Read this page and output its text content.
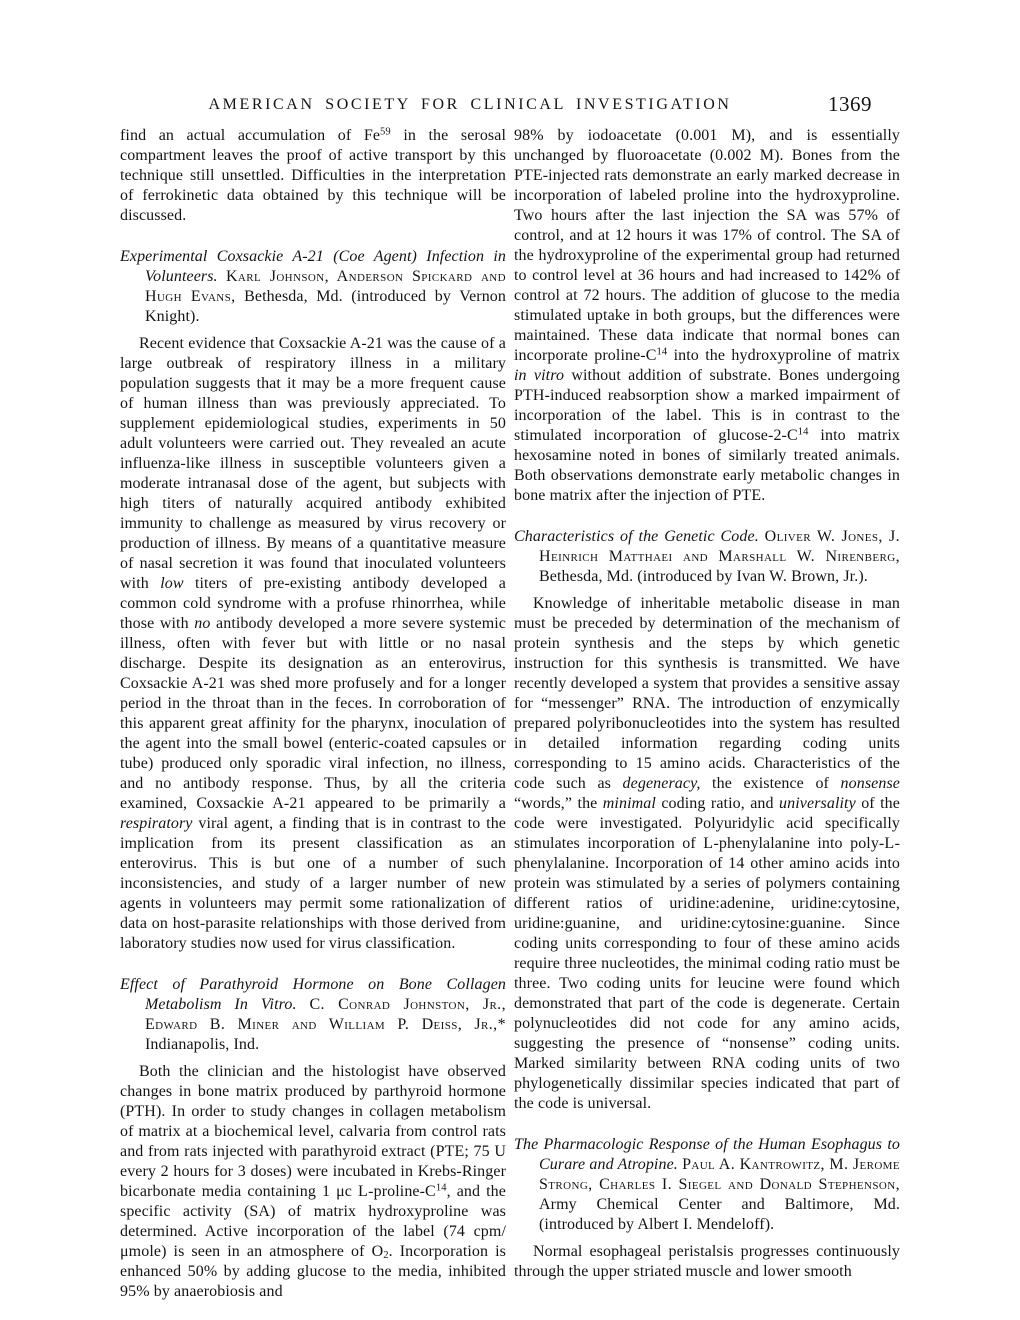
AMERICAN SOCIETY FOR CLINICAL INVESTIGATION	1369

find an actual accumulation of Fe$^{59}$ in the serosal compartment leaves the proof of active transport by this technique still unsettled. Difficulties in the interpretation of ferrokinetic data obtained by this technique will be discussed.

Experimental Coxsackie A-21 (Coe Agent) Infection in Volunteers. Karl Johnson, Anderson Spickard and Hugh Evans, Bethesda, Md. (introduced by Vernon Knight).

Recent evidence that Coxsackie A-21 was the cause of a large outbreak of respiratory illness in a military population suggests that it may be a more frequent cause of human illness than was previously appreciated. To supplement epidemiological studies, experiments in 50 adult volunteers were carried out. They revealed an acute influenza-like illness in susceptible volunteers given a moderate intranasal dose of the agent, but subjects with high titers of naturally acquired antibody exhibited immunity to challenge as measured by virus recovery or production of illness. By means of a quantitative measure of nasal secretion it was found that inoculated volunteers with low titers of pre-existing antibody developed a common cold syndrome with a profuse rhinorrhea, while those with no antibody developed a more severe systemic illness, often with fever but with little or no nasal discharge. Despite its designation as an enterovirus, Coxsackie A-21 was shed more profusely and for a longer period in the throat than in the feces. In corroboration of this apparent great affinity for the pharynx, inoculation of the agent into the small bowel (enteric-coated capsules or tube) produced only sporadic viral infection, no illness, and no antibody response. Thus, by all the criteria examined, Coxsackie A-21 appeared to be primarily a respiratory viral agent, a finding that is in contrast to the implication from its present classification as an enterovirus. This is but one of a number of such inconsistencies, and study of a larger number of new agents in volunteers may permit some rationalization of data on host-parasite relationships with those derived from laboratory studies now used for virus classification.

Effect of Parathyroid Hormone on Bone Collagen Metabolism In Vitro. C. Conrad Johnston, Jr., Edward B. Miner and William P. Deiss, Jr.,* Indianapolis, Ind.

Both the clinician and the histologist have observed changes in bone matrix produced by parthyroid hormone (PTH). In order to study changes in collagen metabolism of matrix at a biochemical level, calvaria from control rats and from rats injected with parathyroid extract (PTE; 75 U every 2 hours for 3 doses) were incubated in Krebs-Ringer bicarbonate media containing 1 μc $L-proline-C^{14}$, and the specific activity (SA) of matrix hydroxyproline was determined. Active incorporation of the label (74 cpm/μmole) is seen in an atmosphere of O2. Incorporation is enhanced 50% by adding glucose to the media, inhibited 95% by anaerobiosis and

98% by iodoacetate (0.001 M), and is essentially unchanged by fluoroacetate (0.002 M). Bones from the PTE-injected rats demonstrate an early marked decrease in incorporation of labeled proline into the hydroxyproline. Two hours after the last injection the SA was 57% of control, and at 12 hours it was 17% of control. The SA of the hydroxyproline of the experimental group had returned to control level at 36 hours and had increased to 142% of control at 72 hours. The addition of glucose to the media stimulated uptake in both groups, but the differences were maintained. These data indicate that normal bones can incorporate proline-$C^{14}$ into the hydroxyproline of matrix in vitro without addition of substrate. Bones undergoing PTH-induced reabsorption show a marked impairment of incorporation of the label. This is in contrast to the stimulated incorporation of glucose-$2-C^{14}$ into matrix hexosamine noted in bones of similarly treated animals. Both observations demonstrate early metabolic changes in bone matrix after the injection of PTE.

Characteristics of the Genetic Code. Oliver W. Jones, J. Heinrich Matthaei and Marshall W. Nirenberg, Bethesda, Md. (introduced by Ivan W. Brown, Jr.).

Knowledge of inheritable metabolic disease in man must be preceded by determination of the mechanism of protein synthesis and the steps by which genetic instruction for this synthesis is transmitted. We have recently developed a system that provides a sensitive assay for “messenger” RNA. The introduction of enzymically prepared polyribonucleotides into the system has resulted in detailed information regarding coding units corresponding to 15 amino acids. Characteristics of the code such as degeneracy, the existence of nonsense “words,” the minimal coding ratio, and universality of the code were investigated. Polyuridylic acid specifically stimulates incorporation of L-phenylalanine into poly-L-phenylalanine. Incorporation of 14 other amino acids into protein was stimulated by a series of polymers containing different ratios of uridine:adenine, uridine:cytosine, uridine:guanine, and uridine:cytosine:guanine. Since coding units corresponding to four of these amino acids require three nucleotides, the minimal coding ratio must be three. Two coding units for leucine were found which demonstrated that part of the code is degenerate. Certain polynucleotides did not code for any amino acids, suggesting the presence of “nonsense” coding units. Marked similarity between RNA coding units of two phylogenetically dissimilar species indicated that part of the code is universal.

The Pharmacologic Response of the Human Esophagus to Curare and Atropine. Paul A. Kantrowitz, M. Jerome Strong, Charles I. Siegel and Donald Stephenson, Army Chemical Center and Baltimore, Md. (introduced by Albert I. Mendeloff).

Normal esophageal peristalsis progresses continuously through the upper striated muscle and lower smooth
